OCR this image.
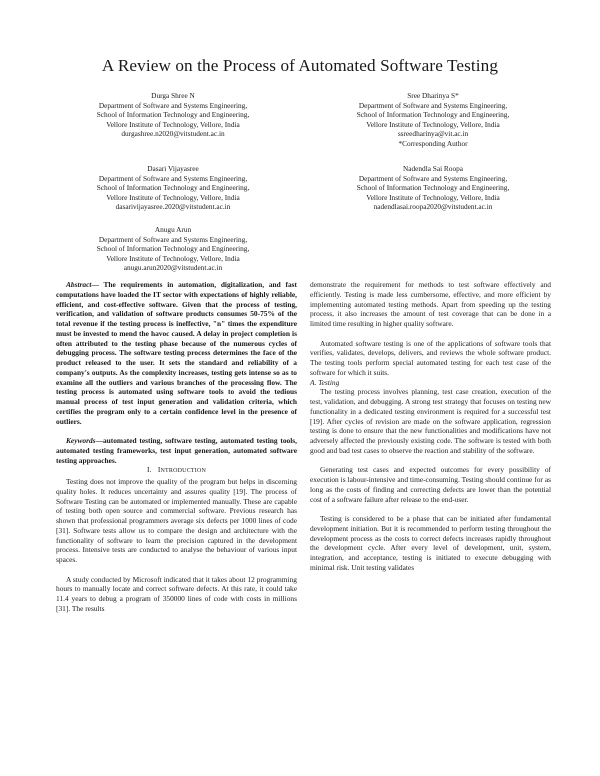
A Review on the Process of Automated Software Testing
Durga Shree N
Department of Software and Systems Engineering,
School of Information Technology and Engineering,
Vellore Institute of Technology, Vellore, India
durgashree.n2020@vitstudent.ac.in
Sree Dharinya S*
Department of Software and Systems Engineering,
School of Information Technology and Engineering,
Vellore Institute of Technology, Vellore, India
ssreedharinya@vit.ac.in
*Corresponding Author
Dasari Vijayasree
Department of Software and Systems Engineering,
School of Information Technology and Engineering,
Vellore Institute of Technology, Vellore, India
dasarivijayasree.2020@vitstudent.ac.in
Nadendla Sai Roopa
Department of Software and Systems Engineering,
School of Information Technology and Engineering,
Vellore Institute of Technology, Vellore, India
nadendlasai.roopa2020@vitstudent.ac.in
Anugu Arun
Department of Software and Systems Engineering,
School of Information Technology and Engineering,
Vellore Institute of Technology, Vellore, India
anugu.arun2020@vitstudent.ac.in

Abstract— The requirements in automation, digitalization, and fast computations have loaded the IT sector with expectations of highly reliable, efficient, and cost-effective software. Given that the process of testing, verification, and validation of software products consumes 50-75% of the total revenue if the testing process is ineffective, "n" times the expenditure must be invested to mend the havoc caused. A delay in project completion is often attributed to the testing phase because of the numerous cycles of debugging process. The software testing process determines the face of the product released to the user. It sets the standard and reliability of a company's outputs. As the complexity increases, testing gets intense so as to examine all the outliers and various branches of the processing flow. The testing process is automated using software tools to avoid the tedious manual process of test input generation and validation criteria, which certifies the program only to a certain confidence level in the presence of outliers.

Keywords—automated testing, software testing, automated testing tools, automated testing frameworks, test input generation, automated software testing approaches.

I. INTRODUCTION

Testing does not improve the quality of the program but helps in discerning quality holes. It reduces uncertainty and assures quality [19]. The process of Software Testing can be automated or implemented manually. These are capable of testing both open source and commercial software. Previous research has shown that professional programmers average six defects per 1000 lines of code [31]. Software tests allow us to compare the design and architecture with the functionality of software to learn the precision captured in the development process. Intensive tests are conducted to analyse the behaviour of various input spaces.

A study conducted by Microsoft indicated that it takes about 12 programming hours to manually locate and correct software defects. At this rate, it could take 11.4 years to debug a program of 350000 lines of code with costs in millions [31]. The results

demonstrate the requirement for methods to test software effectively and efficiently. Testing is made less cumbersome, effective, and more efficient by implementing automated testing methods. Apart from speeding up the testing process, it also increases the amount of test coverage that can be done in a limited time resulting in higher quality software.

Automated software testing is one of the applications of software tools that verifies, validates, develops, delivers, and reviews the whole software product. The testing tools perform special automated testing for each test case of the software for which it suits.

A. Testing

The testing process involves planning, test case creation, execution of the test, validation, and debugging. A strong test strategy that focuses on testing new functionality in a dedicated testing environment is required for a successful test [19]. After cycles of revision are made on the software application, regression testing is done to ensure that the new functionalities and modifications have not adversely affected the previously existing code. The software is tested with both good and bad test cases to observe the reaction and stability of the software.

Generating test cases and expected outcomes for every possibility of execution is labour-intensive and time-consuming. Testing should continue for as long as the costs of finding and correcting defects are lower than the potential cost of a software failure after release to the end-user.

Testing is considered to be a phase that can be initiated after fundamental development initiation. But it is recommended to perform testing throughout the development process as the costs to correct defects increases rapidly throughout the development cycle. After every level of development, unit, system, integration, and acceptance, testing is initiated to execute debugging with minimal risk. Unit testing validates
